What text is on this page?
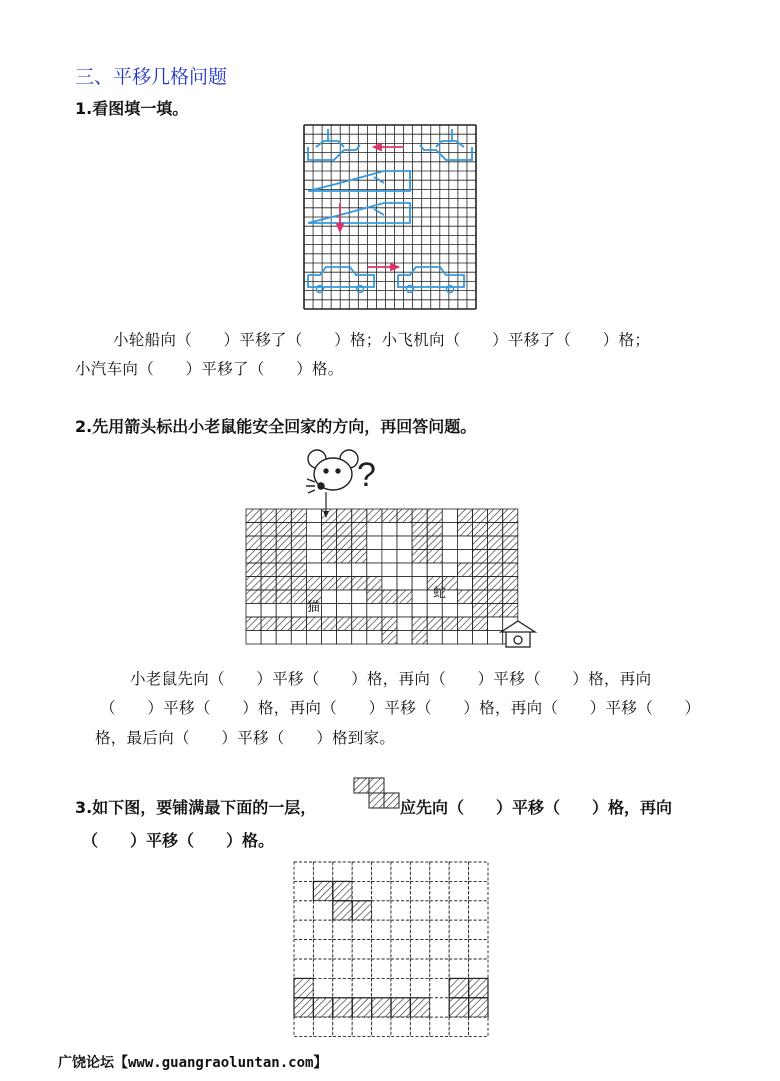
三、平移几格问题
1.看图填一填。
小轮船向（　　）平移了（　　）格；小飞机向（　　）平移了（　　）格；
小汽车向（　　）平移了（　　）格。
2.先用箭头标出小老鼠能安全回家的方向，再回答问题。
?
猫
蛇
小老鼠先向（　　）平移（　　）格，再向（　　）平移（　　）格，再向
（　　）平移（　　）格，再向（　　）平移（　　）格，再向（　　）平移（　　）
格，最后向（　　）平移（　　）格到家。
3.如下图，要铺满最下面的一层，	应先向（　　）平移（　　）格，再向
（　　）平移（　　）格。
广饶论坛【www.guangraoluntan.com】
